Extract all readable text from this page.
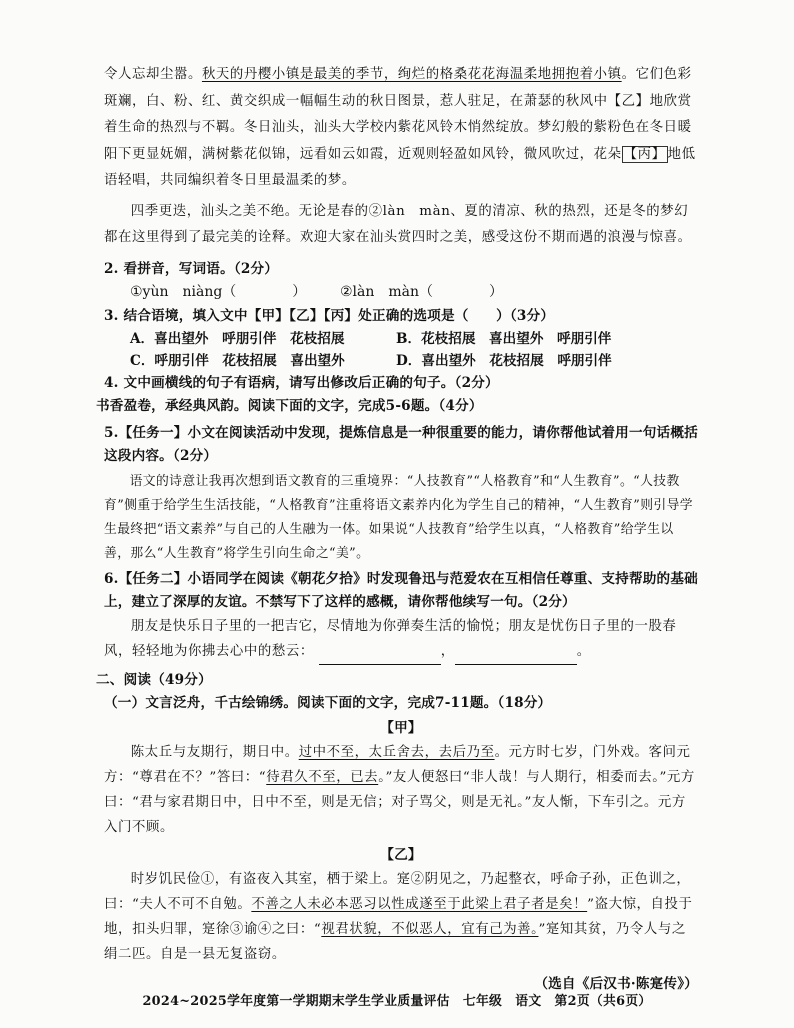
令人忘却尘嚣。秋天的丹樱小镇是最美的季节，绚烂的格桑花花海温柔地拥抱着小镇。它们色彩斑斓，白、粉、红、黄交织成一幅幅生动的秋日图景，惹人驻足，在萧瑟的秋风中【乙】地欣赏着生命的热烈与不羁。冬日汕头，汕头大学校内紫花风铃木悄然绽放。梦幻般的紫粉色在冬日暖阳下更显妩媚，满树紫花似锦，远看如云如霞，近观则轻盈如风铃，微风吹过，花朵 【丙】 地低语轻唱，共同编织着冬日里最温柔的梦。

四季更迭，汕头之美不绝。无论是春的②làn　màn、夏的清凉、秋的热烈，还是冬的梦幻都在这里得到了最完美的诠释。欢迎大家在汕头赏四时之美，感受这份不期而遇的浪漫与惊喜。

2. 看拼音，写词语。（2分）

①yùn　niàng（　　　　）	②làn　màn（　　　　）

3. 结合语境，填入文中【甲】【乙】【丙】处正确的选项是（　　）（3分）

A．喜出望外　呼朋引伴　花枝招展	B．花枝招展　喜出望外　呼朋引伴
C．呼朋引伴　花枝招展　喜出望外	D．喜出望外　花枝招展　呼朋引伴

4. 文中画横线的句子有语病，请写出修改后正确的句子。（2分）

书香盈卷，承经典风韵。阅读下面的文字，完成5-6题。（4分）

5.【任务一】小文在阅读活动中发现，提炼信息是一种很重要的能力，请你帮他试着用一句话概括这段内容。（2分）

语文的诗意让我再次想到语文教育的三重境界：“人技教育”“人格教育”和“人生教育”。“人技教育”侧重于给学生生活技能，“人格教育”注重将语文素养内化为学生自己的精神，“人生教育”则引导学生最终把“语文素养”与自己的人生融为一体。如果说“人技教育”给学生以真，“人格教育”给学生以善，那么“人生教育”将学生引向生命之“美”。

6.【任务二】小语同学在阅读《朝花夕拾》时发现鲁迅与范爱农在互相信任尊重、支持帮助的基础上，建立了深厚的友谊。不禁写下了这样的感概，请你帮他续写一句。（2分）

朋友是快乐日子里的一把吉它，尽情地为你弹奏生活的愉悦；朋友是忧伤日子里的一股春风，轻轻地为你拂去心中的愁云：	，	。

二、阅读（49分）

（一）文言泛舟，千古绘锦绣。阅读下面的文字，完成7-11题。（18分）

【甲】

陈太丘与友期行，期日中。过中不至，太丘舍去，去后乃至。元方时七岁，门外戏。客问元方：“尊君在不？”答曰：“待君久不至，已去。”友人便怒曰“非人哉！与人期行，相委而去。”元方曰：“君与家君期日中，日中不至，则是无信；对子骂父，则是无礼。”友人惭，下车引之。元方入门不顾。

【乙】

时岁饥民俭①，有盗夜入其室，栖于梁上。寔②阴见之，乃起整衣，呼命子孙，正色训之，曰：“夫人不可不自勉。不善之人未必本恶习以性成遂至于此梁上君子者是矣！”盗大惊，自投于地，扣头归罪，寔徐③谕④之曰：“视君状貌，不似恶人，宜有己为善。”寔知其贫，乃令人与之绢二匹。自是一县无复盗窃。

（选自《后汉书·陈寔传》）

2024~2025学年度第一学期期末学生学业质量评估　七年级　语文　第2页（共6页）
